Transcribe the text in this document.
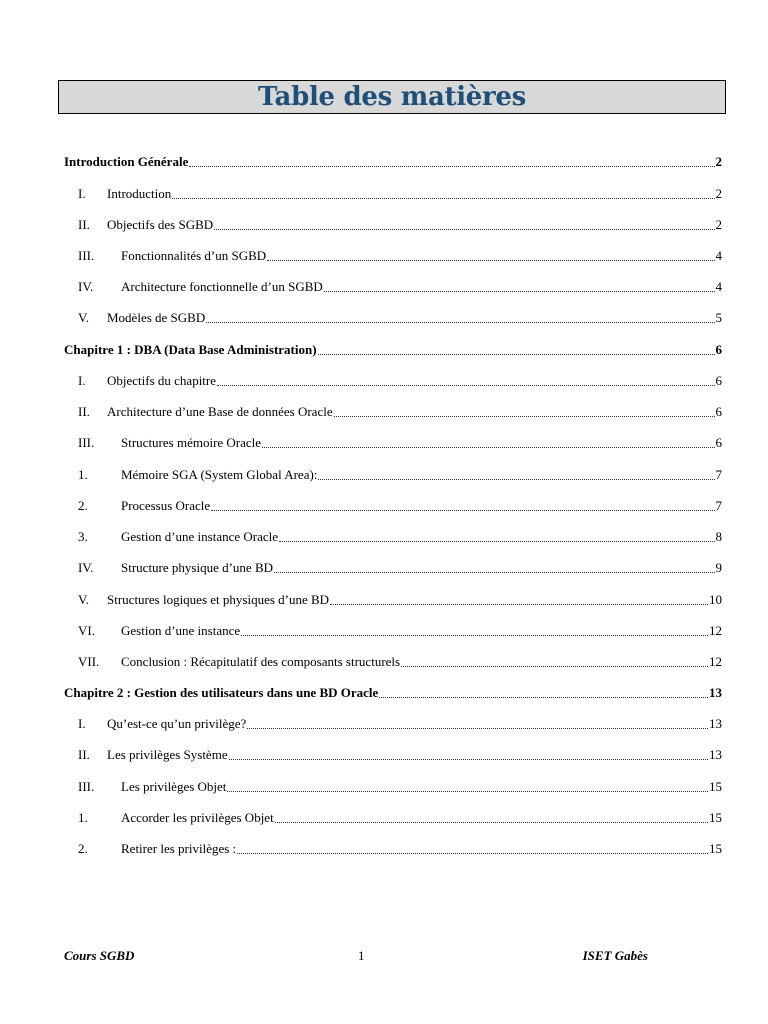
Table des matières
Introduction Générale	2
I.	Introduction	2
II.	Objectifs des SGBD	2
III. Fonctionnalités d’un SGBD	4
IV. Architecture fonctionnelle d’un SGBD	4
V.	Modèles de SGBD	5
Chapitre 1 : DBA (Data Base Administration)	6
I.	Objectifs du chapitre	6
II.	Architecture d’une Base de données Oracle	6
III. Structures mémoire Oracle	6
1.	Mémoire SGA (System Global Area):	7
2.	Processus Oracle	7
3.	Gestion d’une instance Oracle	8
IV. Structure physique d’une BD	9
V.	Structures logiques et physiques d’une BD	10
VI. Gestion d’une instance	12
VII. Conclusion : Récapitulatif des composants structurels	12
Chapitre 2 : Gestion des utilisateurs dans une BD Oracle	13
I.	Qu’est-ce qu’un privilège?	13
II.	Les privilèges Système	13
III. Les privilèges Objet	15
1.	Accorder les privilèges Objet	15
2.	Retirer les privilèges :	15
Cours SGBD	1	ISET Gabès
